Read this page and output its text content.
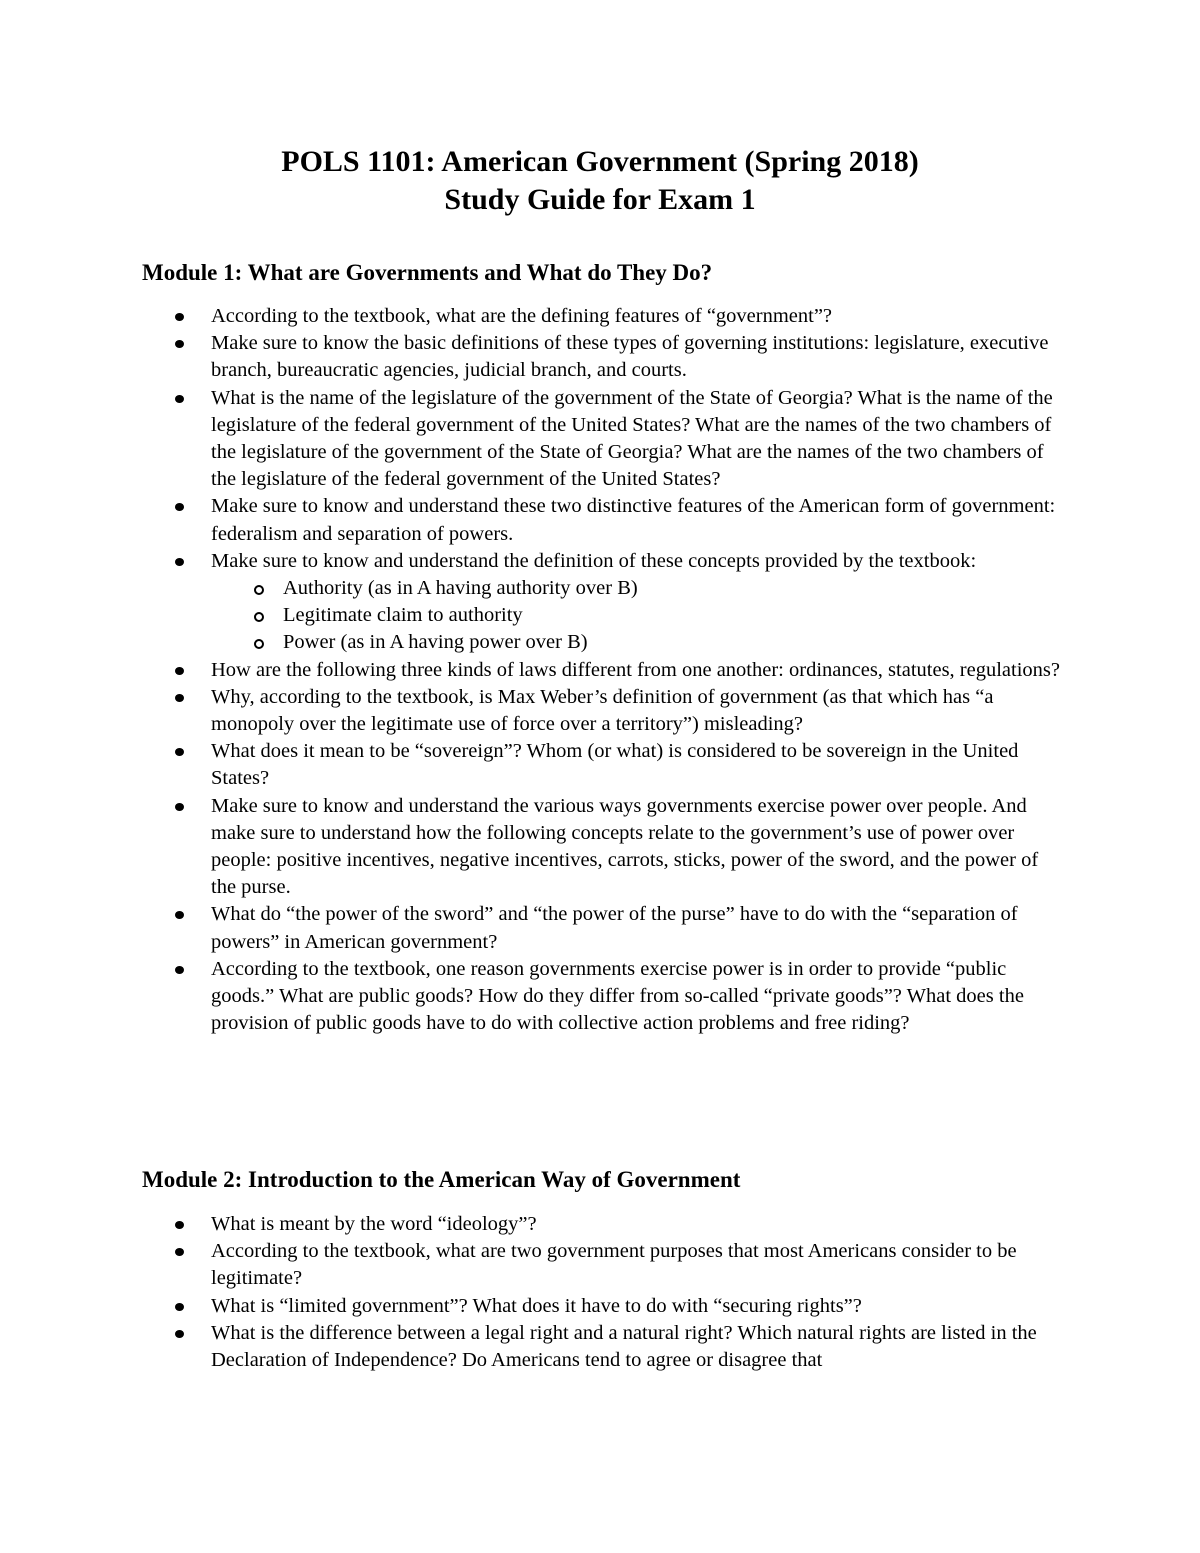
POLS 1101: American Government (Spring 2018)
Study Guide for Exam 1
Module 1: What are Governments and What do They Do?
According to the textbook, what are the defining features of “government”?
Make sure to know the basic definitions of these types of governing institutions: legislature, executive branch, bureaucratic agencies, judicial branch, and courts.
What is the name of the legislature of the government of the State of Georgia? What is the name of the legislature of the federal government of the United States? What are the names of the two chambers of the legislature of the government of the State of Georgia? What are the names of the two chambers of the legislature of the federal government of the United States?
Make sure to know and understand these two distinctive features of the American form of government: federalism and separation of powers.
Make sure to know and understand the definition of these concepts provided by the textbook:
Authority (as in A having authority over B)
Legitimate claim to authority
Power (as in A having power over B)
How are the following three kinds of laws different from one another: ordinances, statutes, regulations?
Why, according to the textbook, is Max Weber’s definition of government (as that which has “a monopoly over the legitimate use of force over a territory”) misleading?
What does it mean to be “sovereign”? Whom (or what) is considered to be sovereign in the United States?
Make sure to know and understand the various ways governments exercise power over people. And make sure to understand how the following concepts relate to the government’s use of power over people: positive incentives, negative incentives, carrots, sticks, power of the sword, and the power of the purse.
What do “the power of the sword” and “the power of the purse” have to do with the “separation of powers” in American government?
According to the textbook, one reason governments exercise power is in order to provide “public goods.” What are public goods? How do they differ from so-called “private goods”? What does the provision of public goods have to do with collective action problems and free riding?
Module 2: Introduction to the American Way of Government
What is meant by the word “ideology”?
According to the textbook, what are two government purposes that most Americans consider to be legitimate?
What is “limited government”? What does it have to do with “securing rights”?
What is the difference between a legal right and a natural right? Which natural rights are listed in the Declaration of Independence? Do Americans tend to agree or disagree that
